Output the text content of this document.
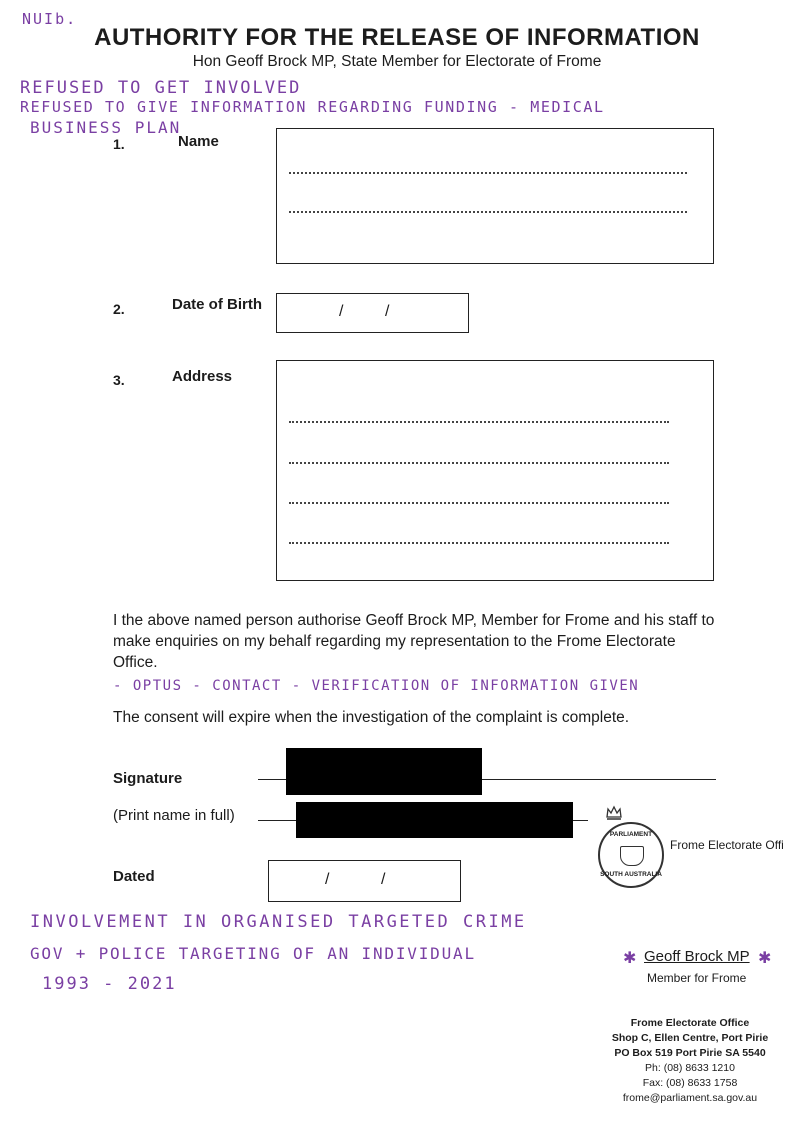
NUIb.
AUTHORITY FOR THE RELEASE OF INFORMATION
Hon Geoff Brock MP, State Member for Electorate of Frome
REFUSED TO GET INVOLVED
REFUSED TO GIVE INFORMATION REGARDING FUNDING - MEDICAL
BUSINESS PLAN
1.	Name
2.	Date of Birth	/	/
3.	Address
I the above named person authorise Geoff Brock MP, Member for Frome and his staff to make enquiries on my behalf regarding my representation to the Frome Electorate Office.
- OPTUS - CONTACT - VERIFICATION OF INFORMATION GIVEN
The consent will expire when the investigation of the complaint is complete.
Signature
(Print name in full)
Dated	/	/
PARLIAMENT
SOUTH AUSTRALIA
Frome Electorate Offi
INVOLVEMENT IN ORGANISED TARGETED CRIME
GOV + POLICE TARGETING OF AN INDIVIDUAL
1993 - 2021
✱ Geoff Brock MP ✱
Member for Frome
Frome Electorate Office
Shop C, Ellen Centre, Port Pirie
PO Box 519 Port Pirie SA 5540
Ph: (08) 8633 1210
Fax: (08) 8633 1758
frome@parliament.sa.gov.au
